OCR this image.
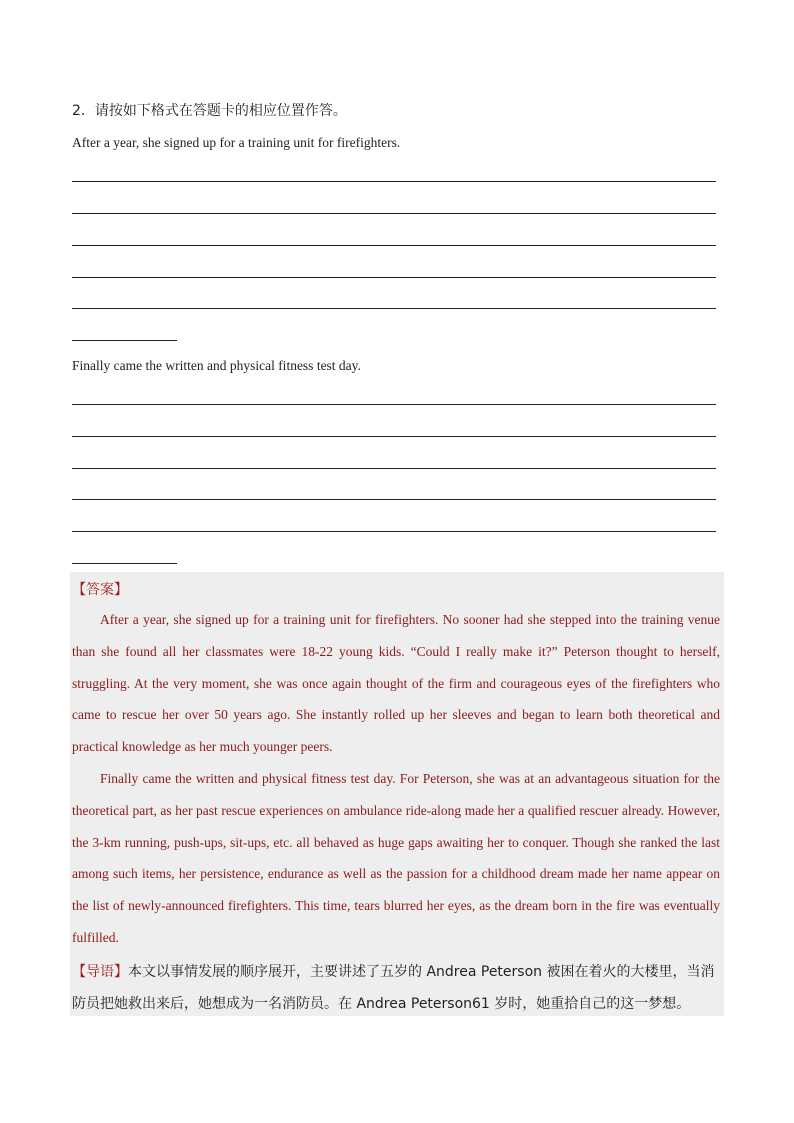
2．请按如下格式在答题卡的相应位置作答。
After a year, she signed up for a training unit for firefighters.
Finally came the written and physical fitness test day.
【答案】
After a year, she signed up for a training unit for firefighters. No sooner had she stepped into the training venue than she found all her classmates were 18-22 young kids. “Could I really make it?” Peterson thought to herself, struggling. At the very moment, she was once again thought of the firm and courageous eyes of the firefighters who came to rescue her over 50 years ago. She instantly rolled up her sleeves and began to learn both theoretical and practical knowledge as her much younger peers.
Finally came the written and physical fitness test day. For Peterson, she was at an advantageous situation for the theoretical part, as her past rescue experiences on ambulance ride-along made her a qualified rescuer already. However, the 3-km running, push-ups, sit-ups, etc. all behaved as huge gaps awaiting her to conquer. Though she ranked the last among such items, her persistence, endurance as well as the passion for a childhood dream made her name appear on the list of newly-announced firefighters. This time, tears blurred her eyes, as the dream born in the fire was eventually fulfilled.
【导语】本文以事情发展的顺序展开，主要讲述了五岁的 Andrea Peterson 被困在着火的大楼里，当消防员把她救出来后，她想成为一名消防员。在 Andrea Peterson61 岁时，她重拾自己的这一梦想。
